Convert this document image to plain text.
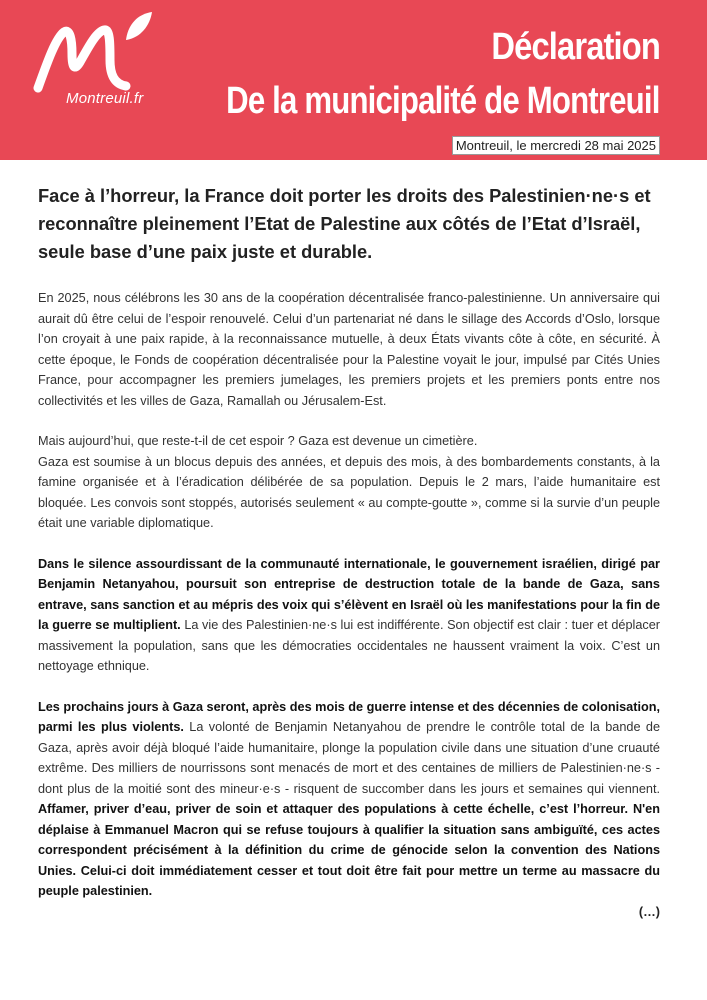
Montreuil.fr
Déclaration
De la municipalité de Montreuil
Montreuil, le mercredi 28 mai 2025

Face à l’horreur, la France doit porter les droits des Palestinien·ne·s et reconnaître pleinement l’Etat de Palestine aux côtés de l’Etat d’Israël, seule base d’une paix juste et durable.

En 2025, nous célébrons les 30 ans de la coopération décentralisée franco-palestinienne. Un anniversaire qui aurait dû être celui de l’espoir renouvelé. Celui d’un partenariat né dans le sillage des Accords d’Oslo, lorsque l’on croyait à une paix rapide, à la reconnaissance mutuelle, à deux États vivants côte à côte, en sécurité. À cette époque, le Fonds de coopération décentralisée pour la Palestine voyait le jour, impulsé par Cités Unies France, pour accompagner les premiers jumelages, les premiers projets et les premiers ponts entre nos collectivités et les villes de Gaza, Ramallah ou Jérusalem-Est.

Mais aujourd’hui, que reste-t-il de cet espoir ? Gaza est devenue un cimetière.

Gaza est soumise à un blocus depuis des années, et depuis des mois, à des bombardements constants, à la famine organisée et à l’éradication délibérée de sa population. Depuis le 2 mars, l’aide humanitaire est bloquée. Les convois sont stoppés, autorisés seulement « au compte-goutte », comme si la survie d’un peuple était une variable diplomatique.

Dans le silence assourdissant de la communauté internationale, le gouvernement israélien, dirigé par Benjamin Netanyahou, poursuit son entreprise de destruction totale de la bande de Gaza, sans entrave, sans sanction et au mépris des voix qui s’élèvent en Israël où les manifestations pour la fin de la guerre se multiplient. La vie des Palestinien·ne·s lui est indifférente. Son objectif est clair : tuer et déplacer massivement la population, sans que les démocraties occidentales ne haussent vraiment la voix. C’est un nettoyage ethnique.

Les prochains jours à Gaza seront, après des mois de guerre intense et des décennies de colonisation, parmi les plus violents. La volonté de Benjamin Netanyahou de prendre le contrôle total de la bande de Gaza, après avoir déjà bloqué l’aide humanitaire, plonge la population civile dans une situation d’une cruauté extrême. Des milliers de nourrissons sont menacés de mort et des centaines de milliers de Palestinien·ne·s - dont plus de la moitié sont des mineur·e·s - risquent de succomber dans les jours et semaines qui viennent. Affamer, priver d’eau, priver de soin et attaquer des populations à cette échelle, c’est l’horreur. N'en déplaise à Emmanuel Macron qui se refuse toujours à qualifier la situation sans ambiguïté, ces actes correspondent précisément à la définition du crime de génocide selon la convention des Nations Unies. Celui-ci doit immédiatement cesser et tout doit être fait pour mettre un terme au massacre du peuple palestinien.

(…)
